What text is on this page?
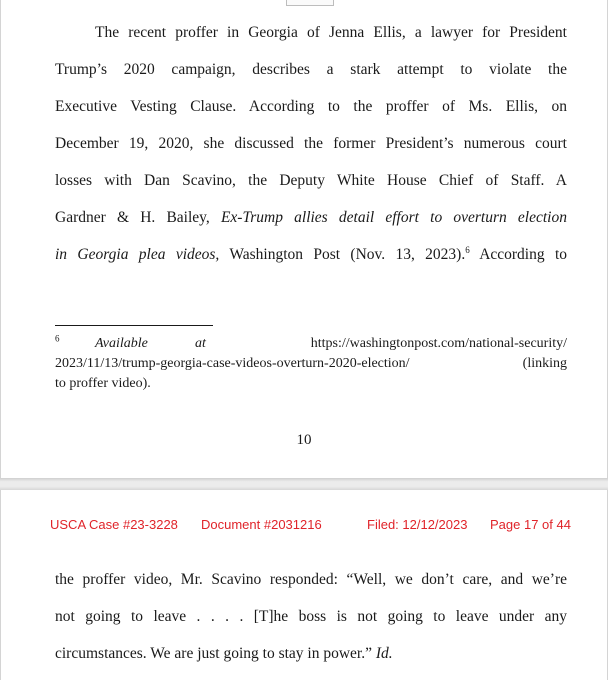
The recent proffer in Georgia of Jenna Ellis, a lawyer for President
Trump’s 2020 campaign, describes a stark attempt to violate the
Executive Vesting Clause. According to the proffer of Ms. Ellis, on
December 19, 2020, she discussed the former President’s numerous court
losses with Dan Scavino, the Deputy White House Chief of Staff. A
Gardner & H. Bailey, Ex-Trump allies detail effort to overturn election
in Georgia plea videos, Washington Post (Nov. 13, 2023).$^6$ According to
$^6$	Available	at	https://washingtonpost.com/national-security/
2023/11/13/trump-georgia-case-videos-overturn-2020-election/	(linking
to proffer video).
10
USCA Case #23-3228 Document #2031216	Filed: 12/12/2023 Page 17 of 44
the proffer video, Mr. Scavino responded: “Well, we don’t care, and we’re
not going to leave . . . . [T]he boss is not going to leave under any
circumstances. We are just going to stay in power.” Id.
